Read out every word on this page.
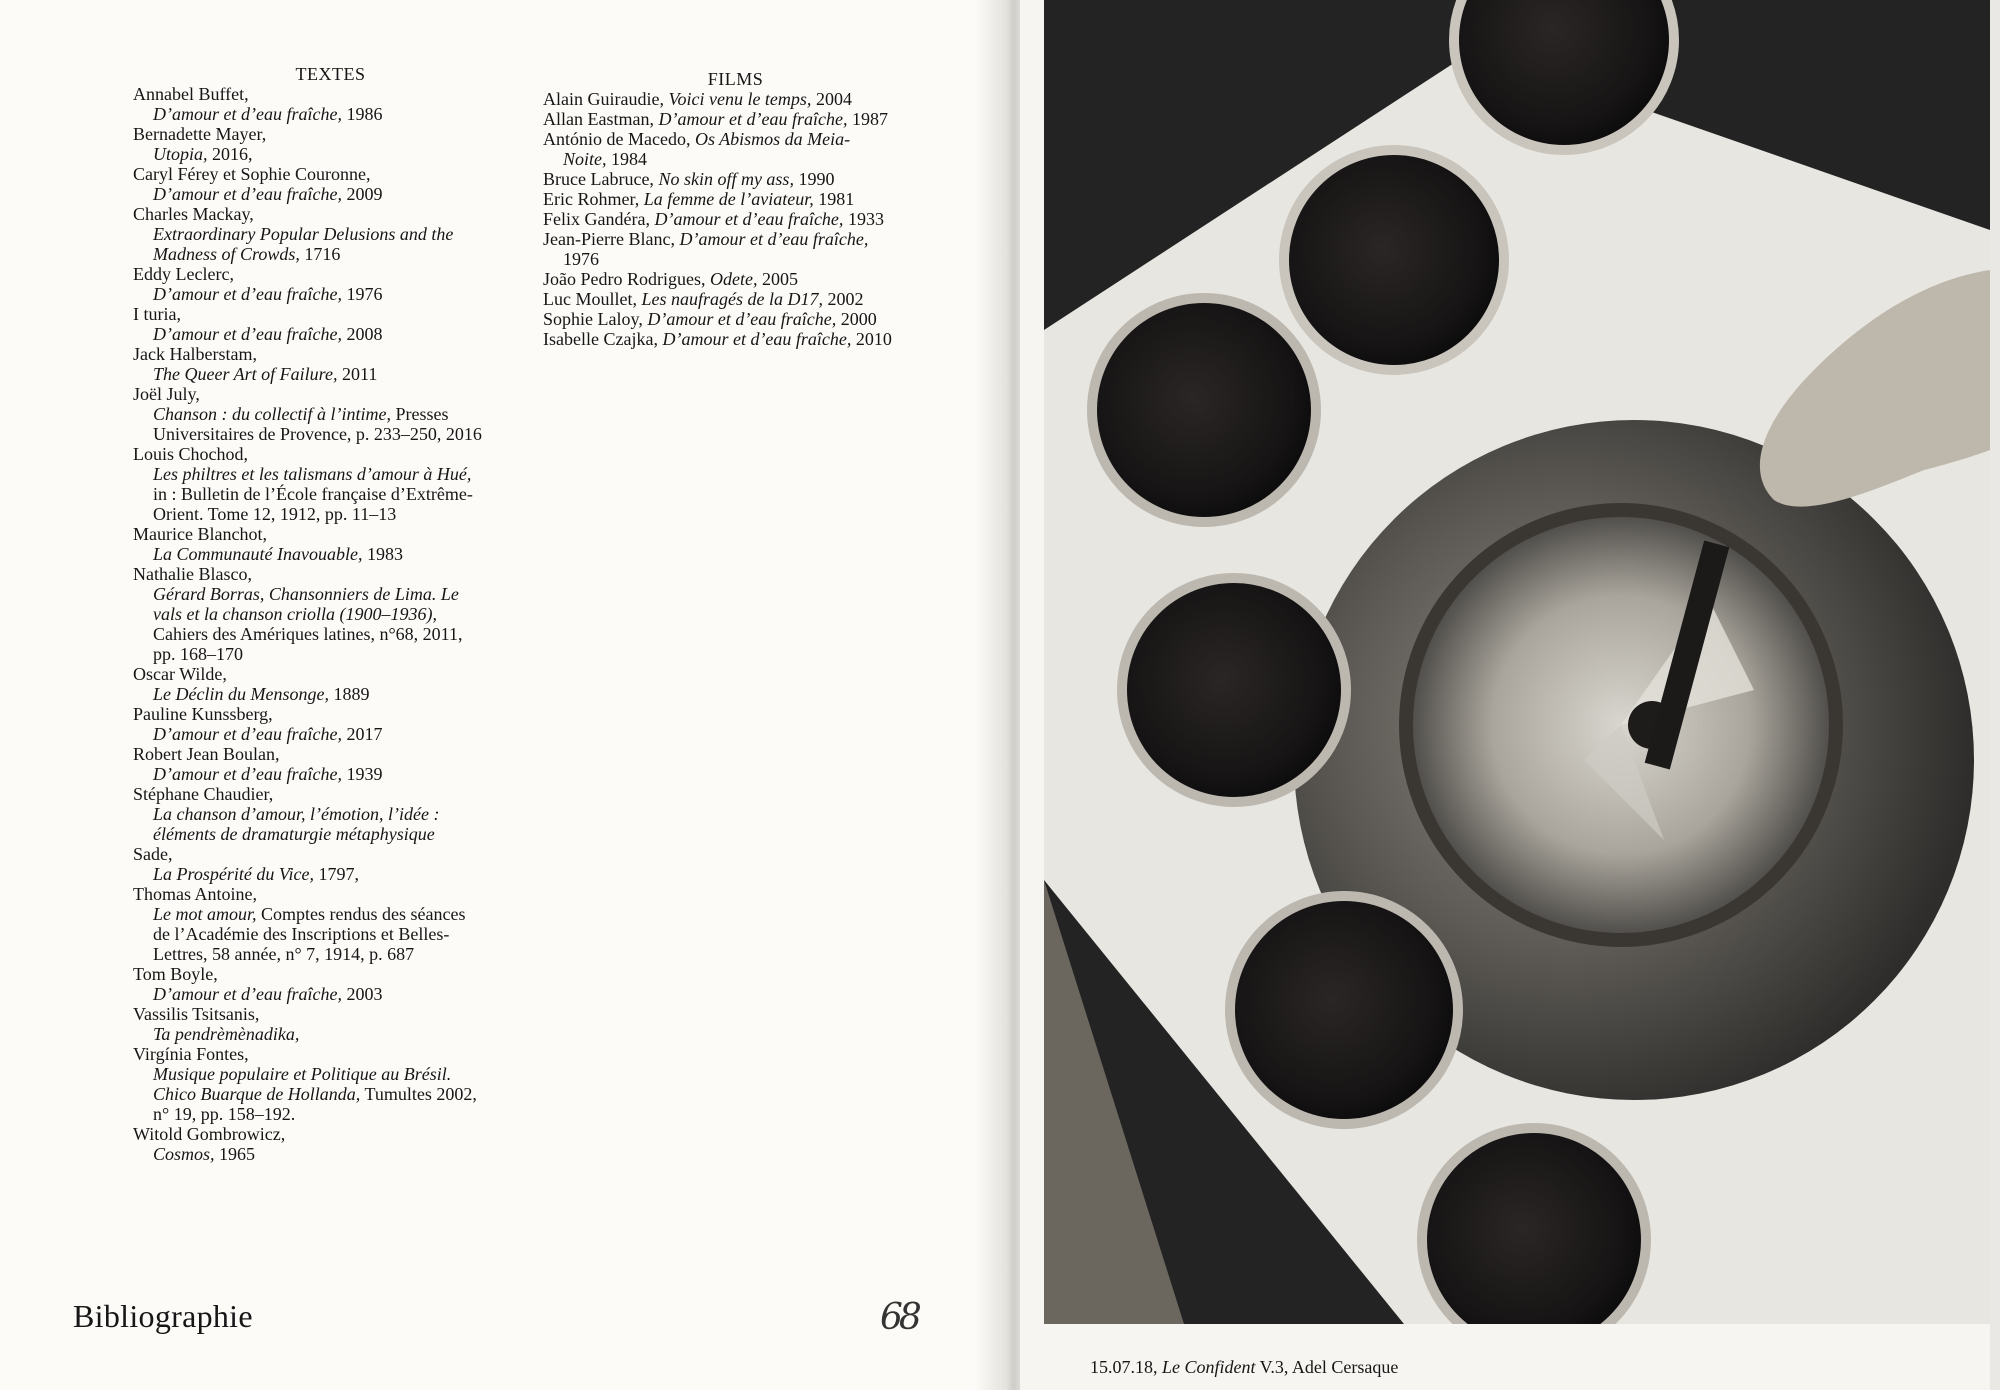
TEXTES
Annabel Buffet,
D’amour et d’eau fraîche, 1986
Bernadette Mayer,
Utopia, 2016,
Caryl Férey et Sophie Couronne,
D’amour et d’eau fraîche, 2009
Charles Mackay,
Extraordinary Popular Delusions and the
Madness of Crowds, 1716
Eddy Leclerc,
D’amour et d’eau fraîche, 1976
I turia,
D’amour et d’eau fraîche, 2008
Jack Halberstam,
The Queer Art of Failure, 2011
Joël July,
Chanson : du collectif à l’intime, Presses
Universitaires de Provence, p. 233–250, 2016
Louis Chochod,
Les philtres et les talismans d’amour à Hué,
in : Bulletin de l’École française d’Extrême-
Orient. Tome 12, 1912, pp. 11–13
Maurice Blanchot,
La Communauté Inavouable, 1983
Nathalie Blasco,
Gérard Borras, Chansonniers de Lima. Le
vals et la chanson criolla (1900–1936),
Cahiers des Amériques latines, n°68, 2011,
pp. 168–170
Oscar Wilde,
Le Déclin du Mensonge, 1889
Pauline Kunssberg,
D’amour et d’eau fraîche, 2017
Robert Jean Boulan,
D’amour et d’eau fraîche, 1939
Stéphane Chaudier,
La chanson d’amour, l’émotion, l’idée :
éléments de dramaturgie métaphysique
Sade,
La Prospérité du Vice, 1797,
Thomas Antoine,
Le mot amour, Comptes rendus des séances
de l’Académie des Inscriptions et Belles-
Lettres, 58 année, n° 7, 1914, p. 687
Tom Boyle,
D’amour et d’eau fraîche, 2003
Vassilis Tsitsanis,
Ta pendrèmènadika,
Virgínia Fontes,
Musique populaire et Politique au Brésil.
Chico Buarque de Hollanda, Tumultes 2002,
n° 19, pp. 158–192.
Witold Gombrowicz,
Cosmos, 1965
FILMS
Alain Guiraudie, Voici venu le temps, 2004
Allan Eastman, D’amour et d’eau fraîche, 1987
António de Macedo, Os Abismos da Meia-
Noite, 1984
Bruce Labruce, No skin off my ass, 1990
Eric Rohmer, La femme de l’aviateur, 1981
Felix Gandéra, D’amour et d’eau fraîche, 1933
Jean-Pierre Blanc, D’amour et d’eau fraîche,
1976
João Pedro Rodrigues, Odete, 2005
Luc Moullet, Les naufragés de la D17, 2002
Sophie Laloy, D’amour et d’eau fraîche, 2000
Isabelle Czajka, D’amour et d’eau fraîche, 2010
Bibliographie	68
15.07.18, Le Confident V.3, Adel Cersaque
